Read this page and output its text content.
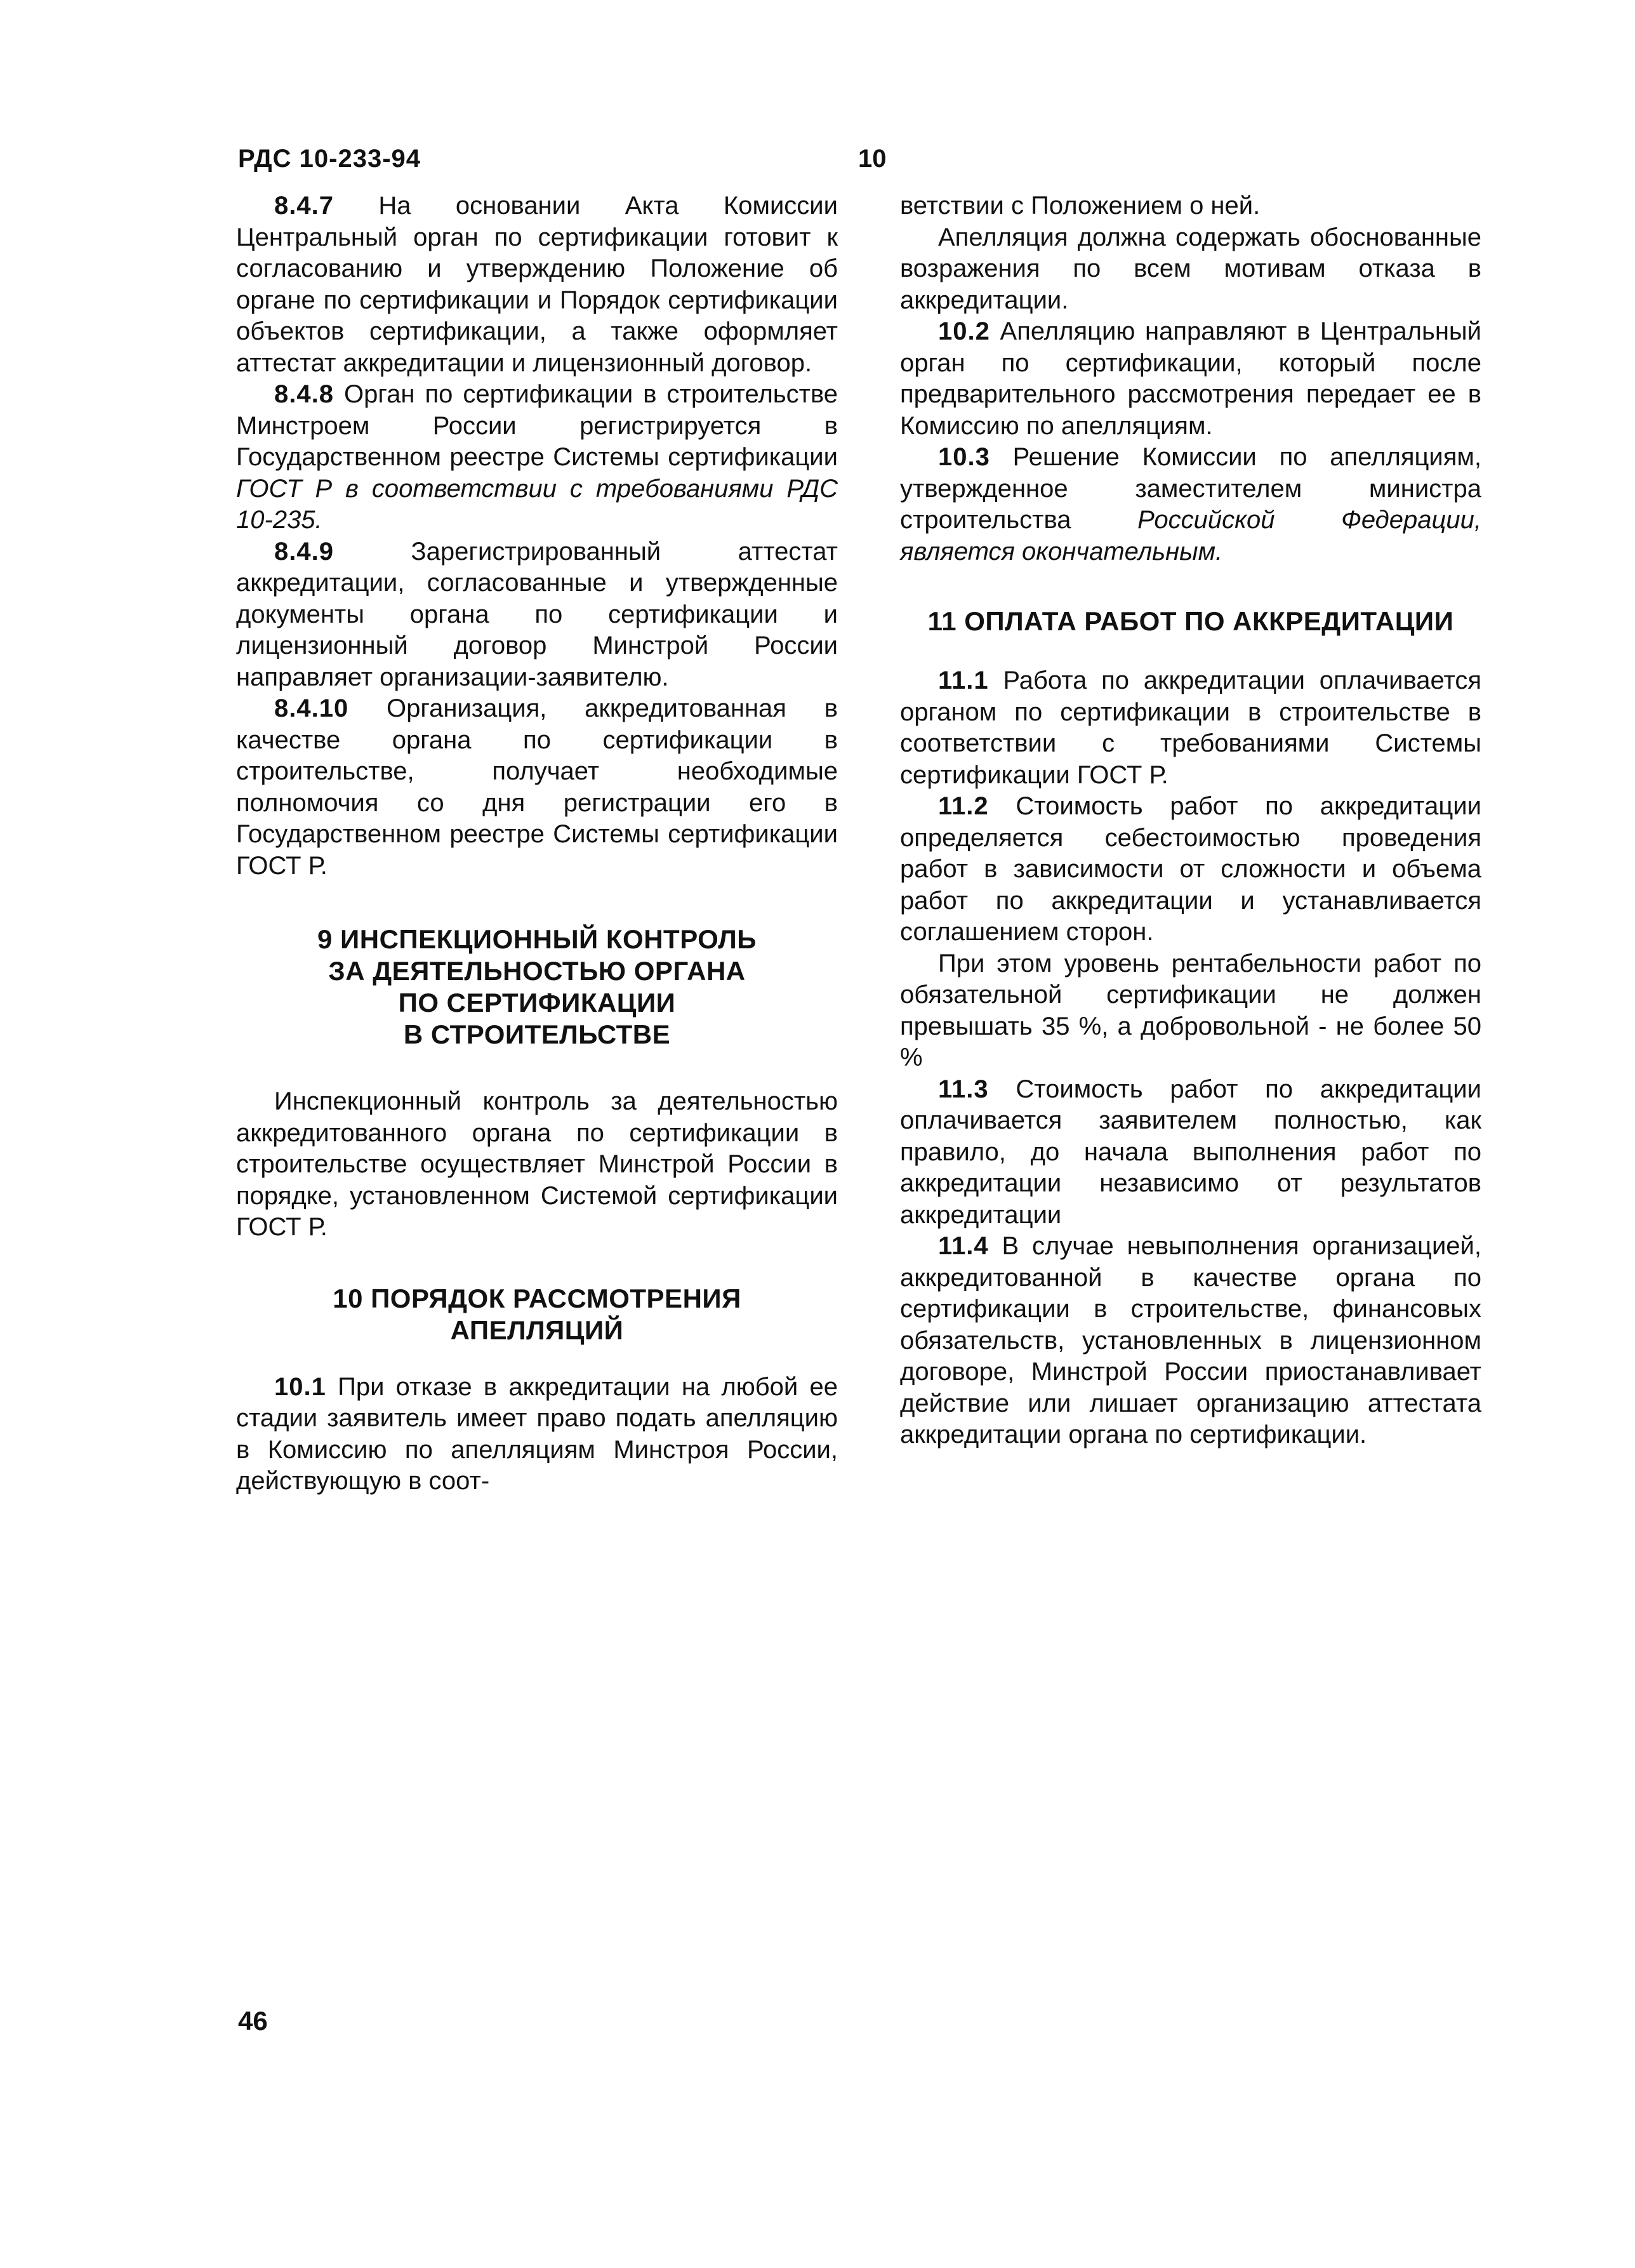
РДС 10-233-94	10

8.4.7 На основании Акта Комиссии Центральный орган по сертификации готовит к согласованию и утверждению Положение об органе по сертификации и Порядок сертификации объектов сертификации, а также оформляет аттестат аккредитации и лицензионный договор.

8.4.8 Орган по сертификации в строительстве Минстроем России регистрируется в Государственном реестре Системы сертификации ГОСТ Р в соответствии с требованиями РДС 10-235.

8.4.9 Зарегистрированный аттестат аккредитации, согласованные и утвержденные документы органа по сертификации и лицензионный договор Минстрой России направляет организации-заявителю.

8.4.10 Организация, аккредитованная в качестве органа по сертификации в строительстве, получает необходимые полномочия со дня регистрации его в Государственном реестре Системы сертификации ГОСТ Р.

9 ИНСПЕКЦИОННЫЙ КОНТРОЛЬ
ЗА ДЕЯТЕЛЬНОСТЬЮ ОРГАНА
ПО СЕРТИФИКАЦИИ
В СТРОИТЕЛЬСТВЕ

Инспекционный контроль за деятельностью аккредитованного органа по сертификации в строительстве осуществляет Минстрой России в порядке, установленном Системой сертификации ГОСТ Р.

10 ПОРЯДОК РАССМОТРЕНИЯ
АПЕЛЛЯЦИЙ

10.1 При отказе в аккредитации на любой ее стадии заявитель имеет право подать апелляцию в Комиссию по апелляциям Минстроя России, действующую в соот-

ветствии с Положением о ней.

Апелляция должна содержать обоснованные возражения по всем мотивам отказа в аккредитации.

10.2 Апелляцию направляют в Центральный орган по сертификации, который после предварительного рассмотрения передает ее в Комиссию по апелляциям.

10.3 Решение Комиссии по апелляциям, утвержденное заместителем министра строительства Российской Федерации, является окончательным.

11 ОПЛАТА РАБОТ ПО АККРЕДИТАЦИИ

11.1 Работа по аккредитации оплачивается органом по сертификации в строительстве в соответствии с требованиями Системы сертификации ГОСТ Р.

11.2 Стоимость работ по аккредитации определяется себестоимостью проведения работ в зависимости от сложности и объема работ по аккредитации и устанавливается соглашением сторон.

При этом уровень рентабельности работ по обязательной сертификации не должен превышать 35 %, а добровольной - не более 50 %

11.3 Стоимость работ по аккредитации оплачивается заявителем полностью, как правило, до начала выполнения работ по аккредитации независимо от результатов аккредитации

11.4 В случае невыполнения организацией, аккредитованной в качестве органа по сертификации в строительстве, финансовых обязательств, установленных в лицензионном договоре, Минстрой России приостанавливает действие или лишает организацию аттестата аккредитации органа по сертификации.

46
